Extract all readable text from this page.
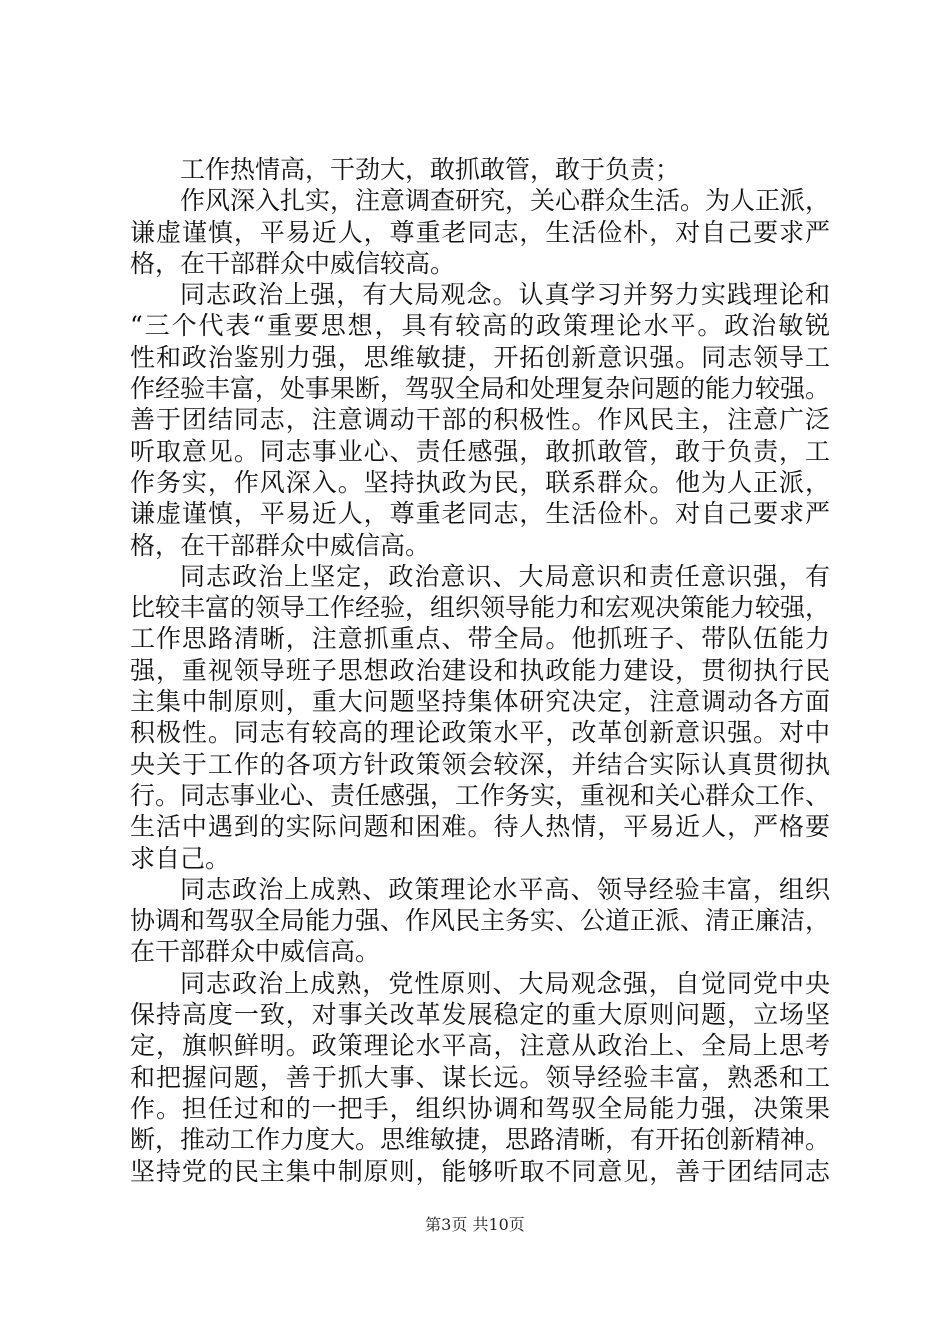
工作热情高，干劲大，敢抓敢管，敢于负责；
作风深入扎实，注意调查研究，关心群众生活。为人正派，
谦虚谨慎，平易近人，尊重老同志，生活俭朴，对自己要求严
格，在干部群众中威信较高。
同志政治上强，有大局观念。认真学习并努力实践理论和
“三个代表“重要思想，具有较高的政策理论水平。政治敏锐
性和政治鉴别力强，思维敏捷，开拓创新意识强。同志领导工
作经验丰富，处事果断，驾驭全局和处理复杂问题的能力较强。
善于团结同志，注意调动干部的积极性。作风民主，注意广泛
听取意见。同志事业心、责任感强，敢抓敢管，敢于负责，工
作务实，作风深入。坚持执政为民，联系群众。他为人正派，
谦虚谨慎，平易近人，尊重老同志，生活俭朴。对自己要求严
格，在干部群众中威信高。
同志政治上坚定，政治意识、大局意识和责任意识强，有
比较丰富的领导工作经验，组织领导能力和宏观决策能力较强，
工作思路清晰，注意抓重点、带全局。他抓班子、带队伍能力
强，重视领导班子思想政治建设和执政能力建设，贯彻执行民
主集中制原则，重大问题坚持集体研究决定，注意调动各方面
积极性。同志有较高的理论政策水平，改革创新意识强。对中
央关于工作的各项方针政策领会较深，并结合实际认真贯彻执
行。同志事业心、责任感强，工作务实，重视和关心群众工作、
生活中遇到的实际问题和困难。待人热情，平易近人，严格要
求自己。
同志政治上成熟、政策理论水平高、领导经验丰富，组织
协调和驾驭全局能力强、作风民主务实、公道正派、清正廉洁，
在干部群众中威信高。
同志政治上成熟，党性原则、大局观念强，自觉同党中央
保持高度一致，对事关改革发展稳定的重大原则问题，立场坚
定，旗帜鲜明。政策理论水平高，注意从政治上、全局上思考
和把握问题，善于抓大事、谋长远。领导经验丰富，熟悉和工
作。担任过和的一把手，组织协调和驾驭全局能力强，决策果
断，推动工作力度大。思维敏捷，思路清晰，有开拓创新精神。
坚持党的民主集中制原则，能够听取不同意见，善于团结同志
第3页 共10页
